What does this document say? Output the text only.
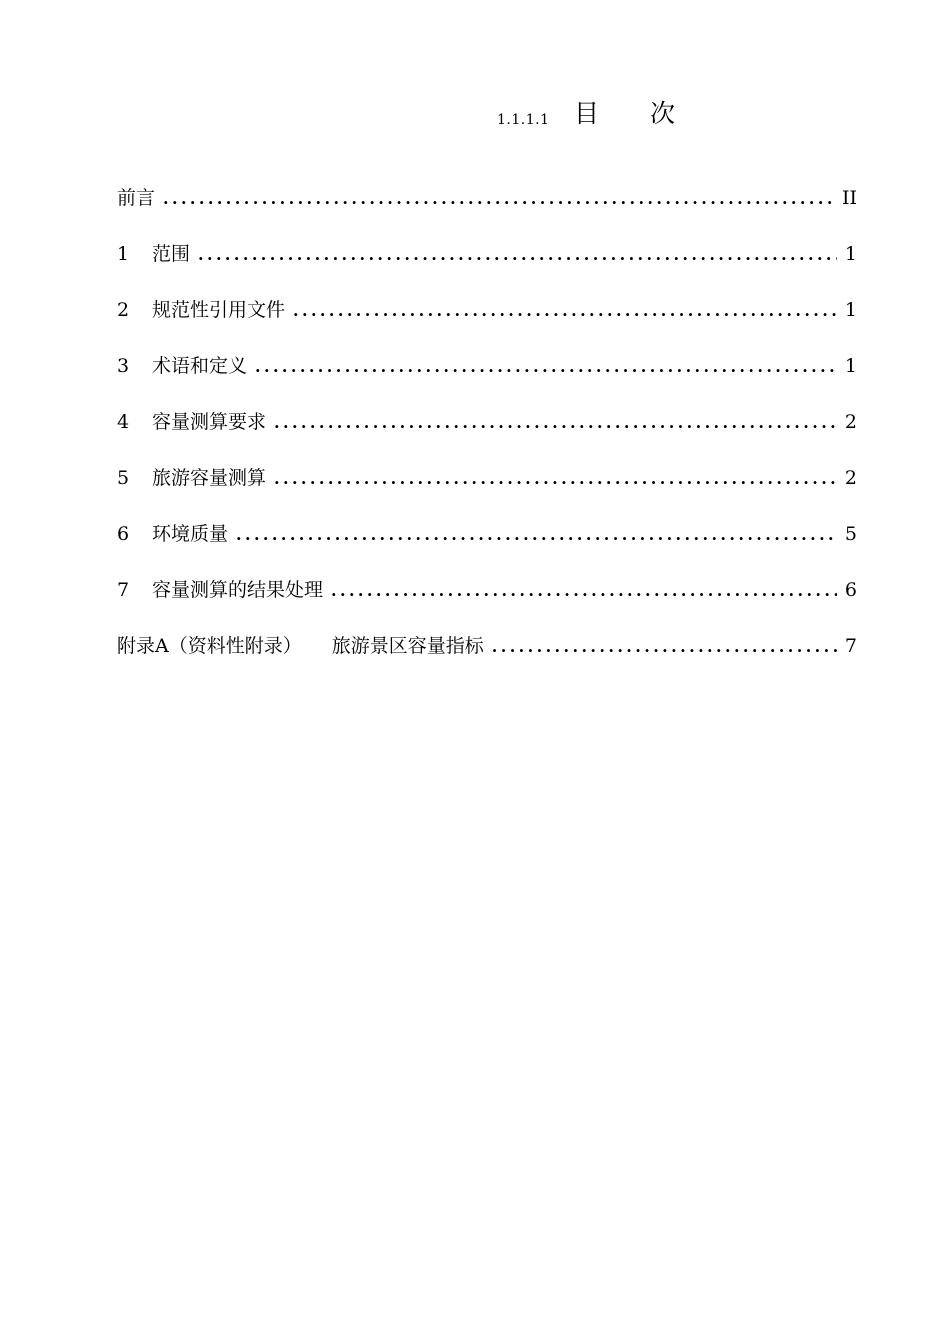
1.1.1.1 目 次
前言 .....	II
1	范围 .....	1
2	规范性引用文件 .....	1
3	术语和定义 .....	1
4	容量测算要求 .....	2
5	旅游容量测算 .....	2
6	环境质量 .....	5
7	容量测算的结果处理 .....	6
附录A（资料性附录） 旅游景区容量指标 .....	7
